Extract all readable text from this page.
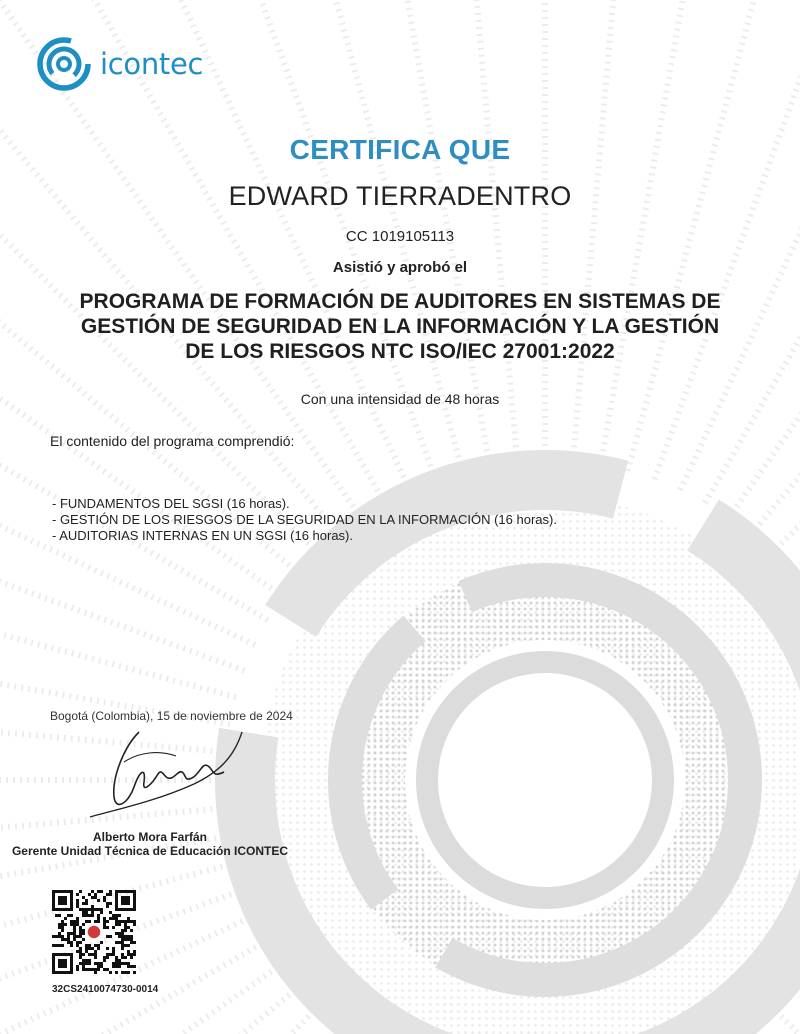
icontec
CERTIFICA QUE
EDWARD TIERRADENTRO
CC 1019105113
Asistió y aprobó el
PROGRAMA DE FORMACIÓN DE AUDITORES EN SISTEMAS DE
GESTIÓN DE SEGURIDAD EN LA INFORMACIÓN Y LA GESTIÓN
DE LOS RIESGOS NTC ISO/IEC 27001:2022
Con una intensidad de 48 horas
El contenido del programa comprendió:
- FUNDAMENTOS DEL SGSI (16 horas).
- GESTIÓN DE LOS RIESGOS DE LA SEGURIDAD EN LA INFORMACIÓN (16 horas).
- AUDITORIAS INTERNAS EN UN SGSI (16 horas).
Bogotá (Colombia), 15 de noviembre de 2024
Alberto Mora Farfán
Gerente Unidad Técnica de Educación ICONTEC
32CS2410074730-0014
